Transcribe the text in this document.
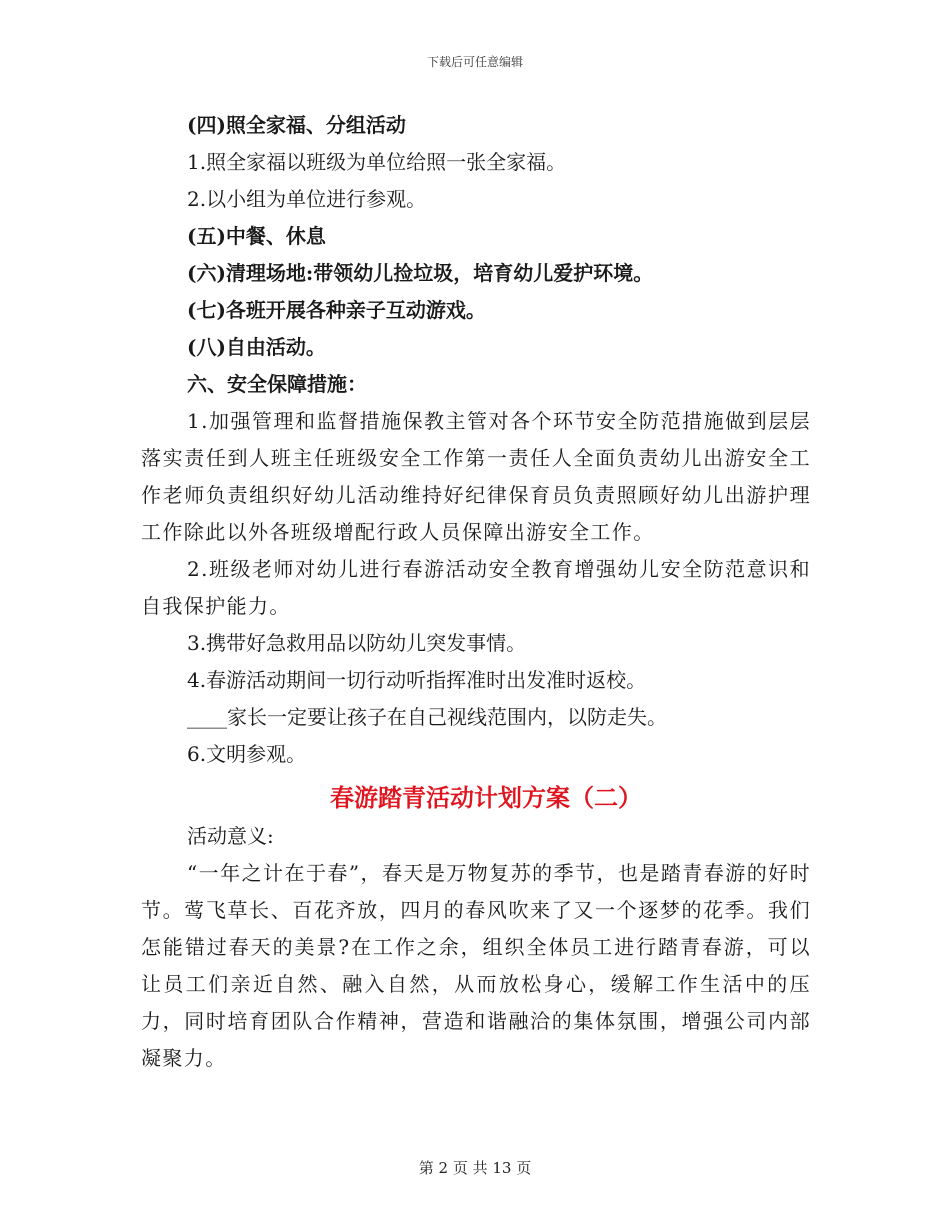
下载后可任意编辑
(四)照全家福、分组活动
1.照全家福以班级为单位给照一张全家福。
2.以小组为单位进行参观。
(五)中餐、休息
(六)清理场地:带领幼儿捡垃圾，培育幼儿爱护环境。
(七)各班开展各种亲子互动游戏。
(八)自由活动。
六、安全保障措施：
1.加强管理和监督措施保教主管对各个环节安全防范措施做到层层落实责任到人班主任班级安全工作第一责任人全面负责幼儿出游安全工作老师负责组织好幼儿活动维持好纪律保育员负责照顾好幼儿出游护理工作除此以外各班级增配行政人员保障出游安全工作。
2.班级老师对幼儿进行春游活动安全教育增强幼儿安全防范意识和自我保护能力。
3.携带好急救用品以防幼儿突发事情。
4.春游活动期间一切行动听指挥准时出发准时返校。
____家长一定要让孩子在自己视线范围内，以防走失。
6.文明参观。
春游踏青活动计划方案（二）
活动意义:
“一年之计在于春”，春天是万物复苏的季节，也是踏青春游的好时节。莺飞草长、百花齐放，四月的春风吹来了又一个逐梦的花季。我们怎能错过春天的美景?在工作之余，组织全体员工进行踏青春游，可以让员工们亲近自然、融入自然，从而放松身心，缓解工作生活中的压力，同时培育团队合作精神，营造和谐融洽的集体氛围，增强公司内部凝聚力。
第 2 页 共 13 页
